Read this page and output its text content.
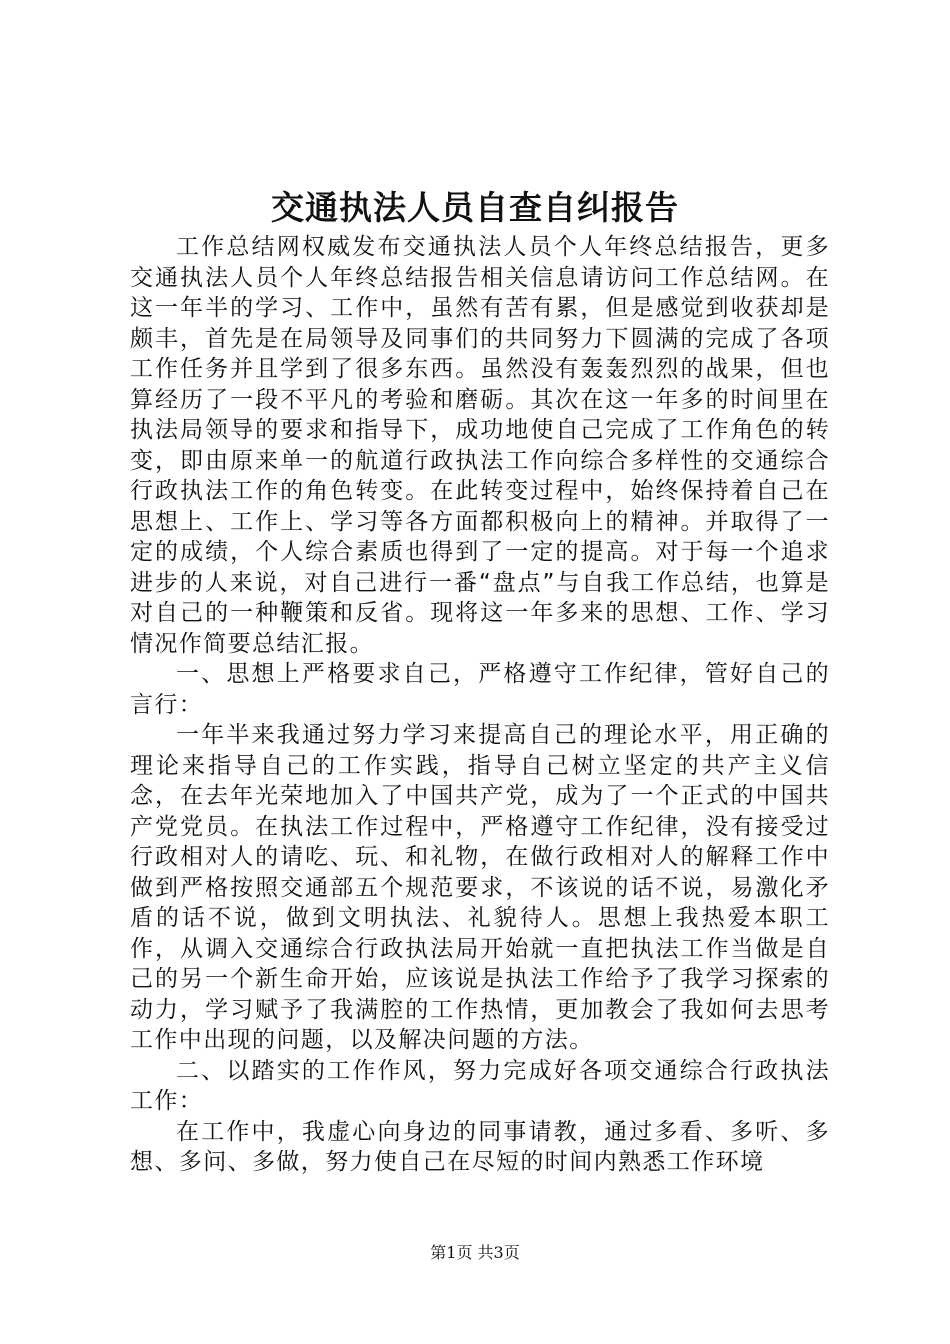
交通执法人员自查自纠报告

工作总结网权威发布交通执法人员个人年终总结报告，更多交通执法人员个人年终总结报告相关信息请访问工作总结网。在这一年半的学习、工作中，虽然有苦有累，但是感觉到收获却是颇丰，首先是在局领导及同事们的共同努力下圆满的完成了各项工作任务并且学到了很多东西。虽然没有轰轰烈烈的战果，但也算经历了一段不平凡的考验和磨砺。其次在这一年多的时间里在执法局领导的要求和指导下，成功地使自己完成了工作角色的转变，即由原来单一的航道行政执法工作向综合多样性的交通综合行政执法工作的角色转变。在此转变过程中，始终保持着自己在思想上、工作上、学习等各方面都积极向上的精神。并取得了一定的成绩，个人综合素质也得到了一定的提高。对于每一个追求进步的人来说，对自己进行一番“盘点”与自我工作总结，也算是对自己的一种鞭策和反省。现将这一年多来的思想、工作、学习情况作简要总结汇报。

一、思想上严格要求自己，严格遵守工作纪律，管好自己的言行：

一年半来我通过努力学习来提高自己的理论水平，用正确的理论来指导自己的工作实践，指导自己树立坚定的共产主义信念，在去年光荣地加入了中国共产党，成为了一个正式的中国共产党党员。在执法工作过程中，严格遵守工作纪律，没有接受过行政相对人的请吃、玩、和礼物，在做行政相对人的解释工作中做到严格按照交通部五个规范要求，不该说的话不说，易激化矛盾的话不说，做到文明执法、礼貌待人。思想上我热爱本职工作，从调入交通综合行政执法局开始就一直把执法工作当做是自己的另一个新生命开始，应该说是执法工作给予了我学习探索的动力，学习赋予了我满腔的工作热情，更加教会了我如何去思考工作中出现的问题，以及解决问题的方法。

二、以踏实的工作作风，努力完成好各项交通综合行政执法工作：

在工作中，我虚心向身边的同事请教，通过多看、多听、多想、多问、多做，努力使自己在尽短的时间内熟悉工作环境

第1页 共3页
